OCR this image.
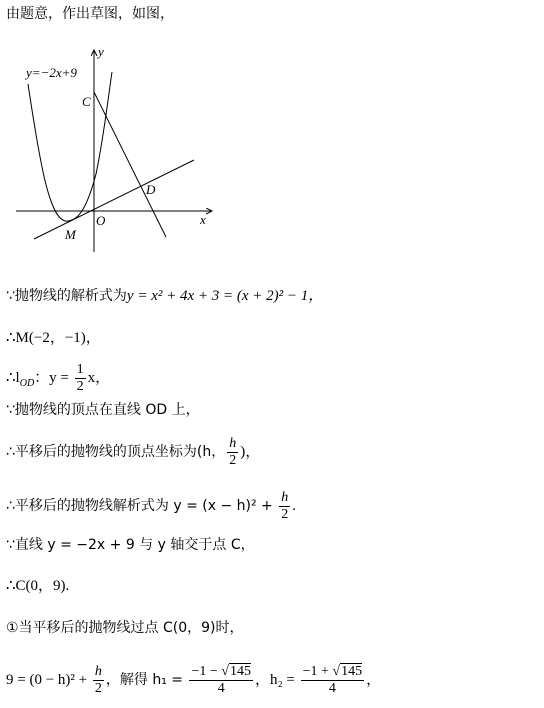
由题意，作出草图，如图，
y=−2x+9
y
x
O
C
D
M
∵抛物线的解析式为y = x² + 4x + 3 = (x + 2)² − 1，
∴M(−2，−1)，
$\therefore l_{OD}$：$y = \frac{1}{2}$ x，
∵抛物线的顶点在直线 OD 上，
∴平移后的抛物线的顶点坐标为(h， $\frac{h}{2}$ )，
∴平移后的抛物线解析式为 $y = (x - h)^2 + \frac{h}{2}$ .
∵直线 y = −2x + 9 与 y 轴交于点 C，
∴C(0，9).
①当平移后的抛物线过点 C(0，9)时，
$9 = (0 - h)^2 + \frac{h}{2}$ ，解得 $h_1 = \frac{-1 - √145}{4}$ ，$h_2 = \frac{-1 + √145}{4}$ ，
